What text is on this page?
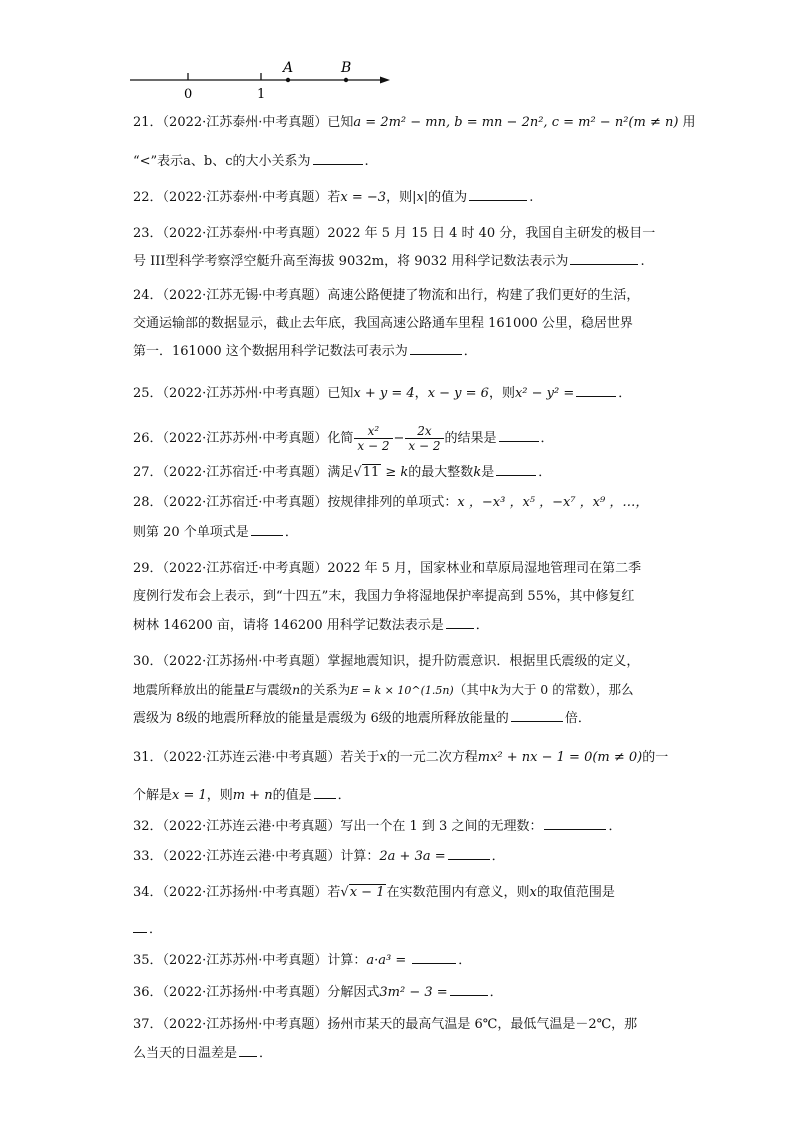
0	1
A	B
21．（2022·江苏泰州·中考真题）已知a = 2m² − mn, b = mn − 2n², c = m² − n²(m ≠ n) 用
“<”表示a、b、c的大小关系为	.
22．（2022·江苏泰州·中考真题）若x = −3，则|x|的值为	.
23．（2022·江苏泰州·中考真题）2022 年 5 月 15 日 4 时 40 分，我国自主研发的极目一
号 III型科学考察浮空艇升高至海拔 9032m，将 9032 用科学记数法表示为	.
24．（2022·江苏无锡·中考真题）高速公路便捷了物流和出行，构建了我们更好的生活，
交通运输部的数据显示，截止去年底，我国高速公路通车里程 161000 公里，稳居世界
第一．161000 这个数据用科学记数法可表示为	．
25．（2022·江苏苏州·中考真题）已知x + y = 4，x − y = 6，则x² − y² =	．
26．（2022·江苏苏州·中考真题）化简 $\frac{\text{x²}}{x - 2} - \frac{2x}{x - 2}$ 的结果是	．
27．（2022·江苏宿迁·中考真题）满足√11 ≥ k的最大整数k是	．
28．（2022·江苏宿迁·中考真题）按规律排列的单项式：x ，−x³ ，x⁵ ，−x⁷ ，x⁹ ，…，
则第 20 个单项式是	．
29．（2022·江苏宿迁·中考真题）2022 年 5 月，国家林业和草原局湿地管理司在第二季
度例行发布会上表示，到“十四五”末，我国力争将湿地保护率提高到 55%，其中修复红
树林 146200 亩，请将 146200 用科学记数法表示是 ．
30．（2022·江苏扬州·中考真题）掌握地震知识，提升防震意识．根据里氏震级的定义，
地震所释放出的能量E与震级n的关系为E = k × 10^(1.5n)（其中k为大于 0 的常数），那么
震级为 8级的地震所释放的能量是震级为 6级的地震所释放能量的	倍．
31．（2022·江苏连云港·中考真题）若关于x的一元二次方程mx² + nx − 1 = 0(m ≠ 0)的一
个解是x = 1，则m + n的值是 ．
32．（2022·江苏连云港·中考真题）写出一个在 1 到 3 之间的无理数：	．
33．（2022·江苏连云港·中考真题）计算：2a + 3a =	．
34．（2022·江苏扬州·中考真题）若√x − 1 在实数范围内有意义，则x的取值范围是
．
35．（2022·江苏苏州·中考真题）计算：a·a³ =	．
36．（2022·江苏扬州·中考真题）分解因式3m² − 3 =	．
37．（2022·江苏扬州·中考真题）扬州市某天的最高气温是 6℃，最低气温是－2℃，那
么当天的日温差是 ．
